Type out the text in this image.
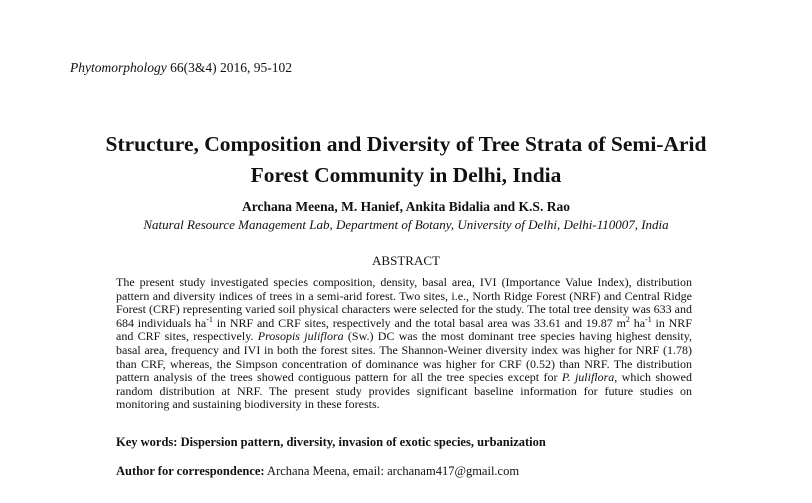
Phytomorphology 66(3&4) 2016, 95-102
Structure, Composition and Diversity of Tree Strata of Semi-Arid
Forest Community in Delhi, India
Archana Meena, M. Hanief, Ankita Bidalia and K.S. Rao
Natural Resource Management Lab, Department of Botany, University of Delhi, Delhi-110007, India
ABSTRACT
The present study investigated species composition, density, basal area, IVI (Importance Value Index), distribution pattern and diversity indices of trees in a semi-arid forest. Two sites, i.e., North Ridge Forest (NRF) and Central Ridge Forest (CRF) representing varied soil physical characters were selected for the study. The total tree density was 633 and 684 individuals $ha^{-1}$ in NRF and CRF sites, respectively and the total basal area was 33.61 and 19.87 $m^2$ $ha^{-1}$ in NRF and CRF sites, respectively. Prosopis juliflora (Sw.) DC was the most dominant tree species having highest density, basal area, frequency and IVI in both the forest sites. The Shannon-Weiner diversity index was higher for NRF (1.78) than CRF, whereas, the Simpson concentration of dominance was higher for CRF (0.52) than NRF. The distribution pattern analysis of the trees showed contiguous pattern for all the tree species except for P. juliflora, which showed random distribution at NRF. The present study provides significant baseline information for future studies on monitoring and sustaining biodiversity in these forests.
Key words: Dispersion pattern, diversity, invasion of exotic species, urbanization
Author for correspondence: Archana Meena, email: archanam417@gmail.com
